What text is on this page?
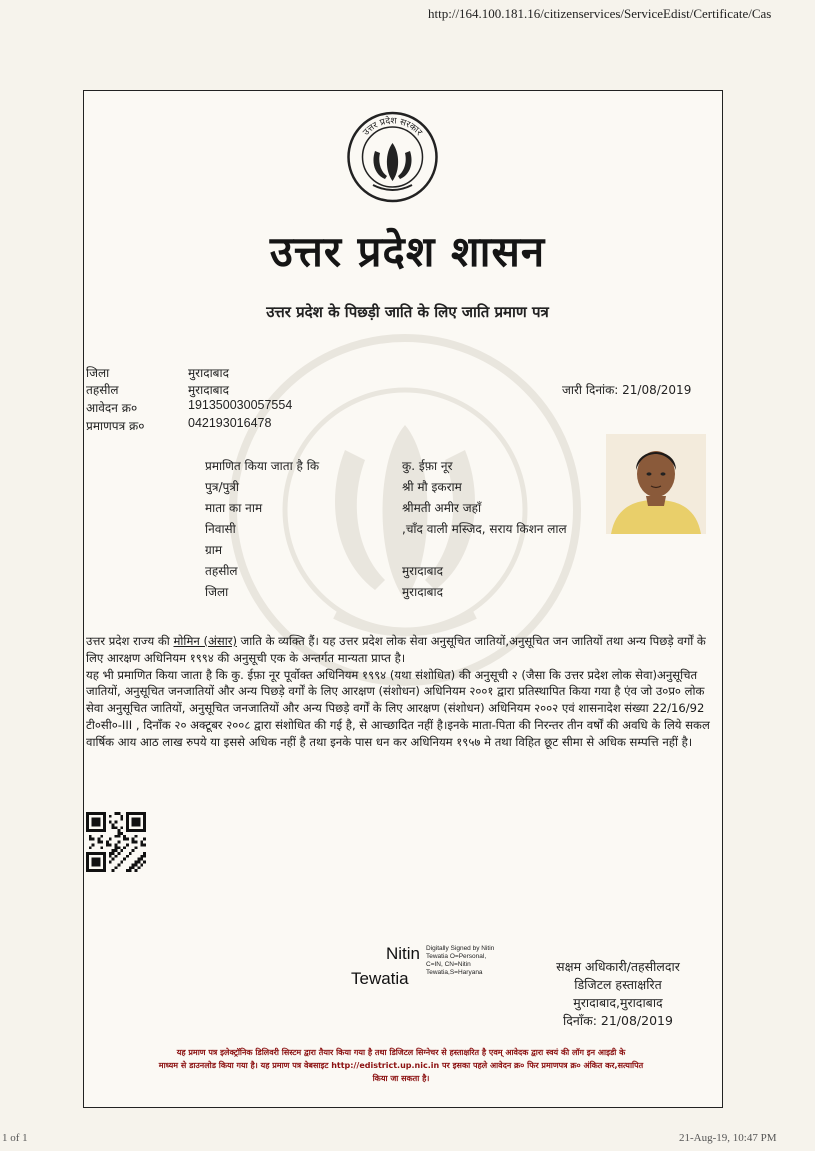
http://164.100.181.16/citizenservices/ServiceEdist/Certificate/Cas
उत्तर प्रदेश सरकार
उत्तर प्रदेश शासन
उत्तर प्रदेश के पिछड़ी जाति के लिए जाति प्रमाण पत्र
जिला	मुरादाबाद
तहसील	मुरादाबाद
आवेदन क्र०	191350030057554
प्रमाणपत्र क्र०	042193016478
जारी दिनांक: 21/08/2019
प्रमाणित किया जाता है कि	कु. ईफ़ा नूर
पुत्र/पुत्री	श्री मौ इकराम
माता का नाम	श्रीमती अमीर जहाँ
निवासी	,चाँद वाली मस्जिद, सराय किशन लाल
ग्राम
तहसील	मुरादाबाद
जिला	मुरादाबाद

उत्तर प्रदेश राज्य की मोमिन (अंसार) जाति के व्यक्ति हैं। यह उत्तर प्रदेश लोक सेवा अनुसूचित जातियों,अनुसूचित जन जातियों तथा अन्य पिछड़े वर्गों के लिए आरक्षण अधिनियम १९९४ की अनुसूची एक के अन्तर्गत मान्यता प्राप्त है।

यह भी प्रमाणित किया जाता है कि कु. ईफ़ा नूर पूर्वोक्त अधिनियम १९९४ (यथा संशोधित) की अनुसूची २ (जैसा कि उत्तर प्रदेश लोक सेवा)अनुसूचित जातियों, अनुसूचित जनजातियों और अन्य पिछड़े वर्गों के लिए आरक्षण (संशोधन) अधिनियम २००१ द्वारा प्रतिस्थापित किया गया है एंव जो उ०प्र० लोक सेवा अनुसूचित जातियों, अनुसूचित जनजातियों और अन्य पिछड़े वर्गों के लिए आरक्षण (संशोधन) अधिनियम २००२ एवं शासनादेश संख्या 22/16/92 टी०सी०-III , दिनाँक २० अक्टूबर २००८ द्वारा संशोधित की गई है, से आच्छादित नहीं है।इनके माता-पिता की निरन्तर तीन वर्षों की अवधि के लिये सकल वार्षिक आय आठ लाख रुपये या इससे अधिक नहीं है तथा इनके पास धन कर अधिनियम १९५७ मे तथा विहित छूट सीमा से अधिक सम्पत्ति नहीं है।

Nitin
Tewatia
Digitally Signed by Nitin
Tewatia O=Personal,
C=IN, CN=Nitin
Tewatia,S=Haryana	सक्षम अधिकारी/तहसीलदार
डिजिटल हस्ताक्षरित
मुरादाबाद,मुरादाबाद
दिनाँक: 21/08/2019
यह प्रमाण पत्र इलेक्ट्रॉनिक डिलिवरी सिस्टम द्वारा तैयार किया गया है तथा डिजिटल सिग्नेचर से हस्ताक्षरित है एवम् आवेदक द्वारा स्वयं की लॉग इन आइडी के
माध्यम से डाउनलोड किया गया है। यह प्रमाण पत्र वेबसाइट http://edistrict.up.nic.in पर इसका पहले आवेदन क्र० फिर प्रमाणपत्र क्र० अंकित कर,सत्यापित
किया जा सकता है।
1 of 1	21-Aug-19, 10:47 PM
